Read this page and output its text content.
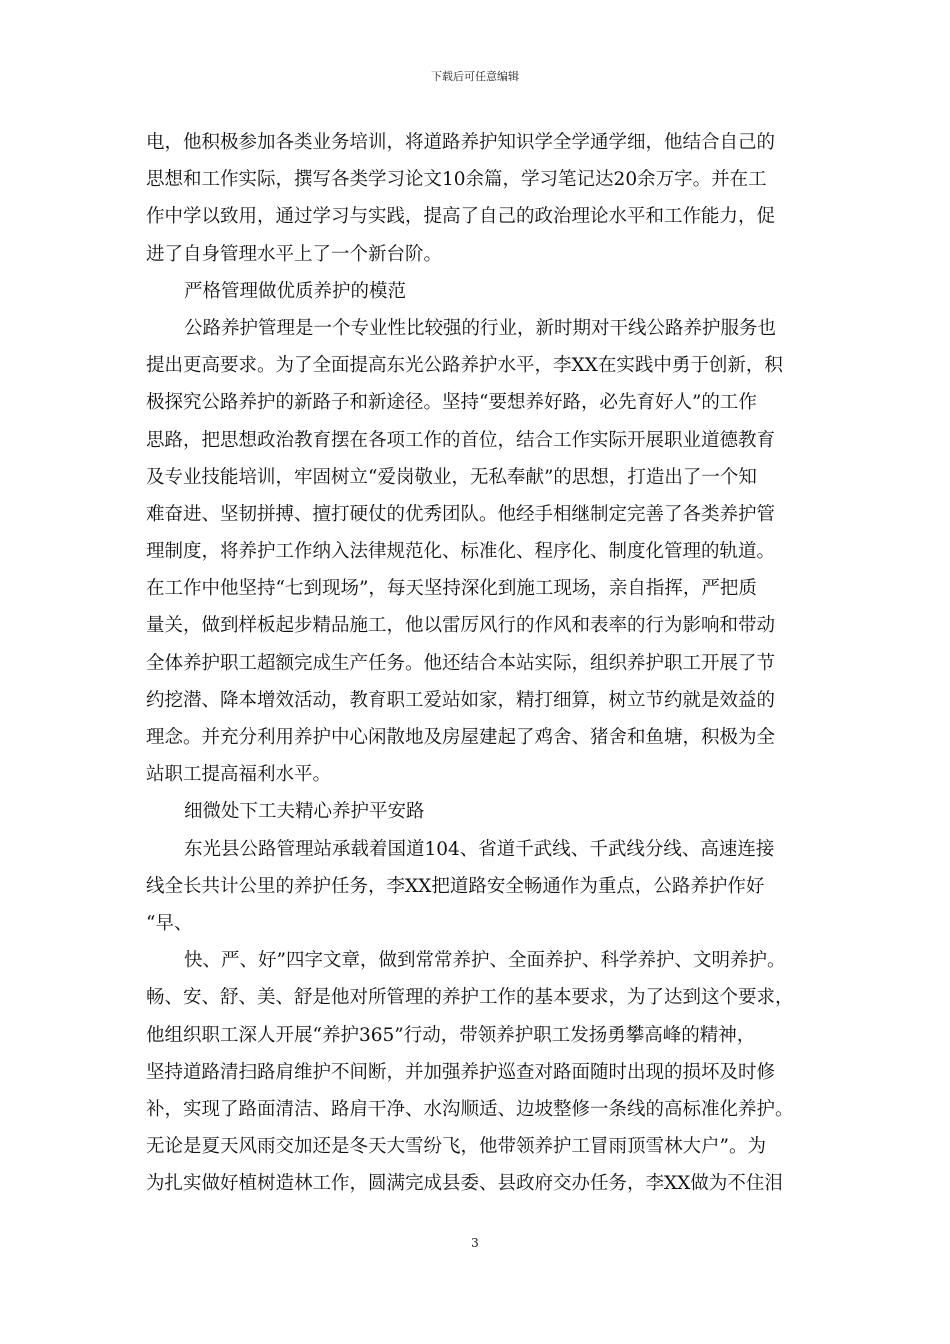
下载后可任意编辑
电，他积极参加各类业务培训，将道路养护知识学全学通学细，他结合自己的
思想和工作实际，撰写各类学习论文10余篇，学习笔记达20余万字。并在工
作中学以致用，通过学习与实践，提高了自己的政治理论水平和工作能力，促
进了自身管理水平上了一个新台阶。
严格管理做优质养护的模范
公路养护管理是一个专业性比较强的行业，新时期对干线公路养护服务也
提出更高要求。为了全面提高东光公路养护水平，李XX在实践中勇于创新，积
极探究公路养护的新路子和新途径。坚持“要想养好路，必先育好人”的工作
思路，把思想政治教育摆在各项工作的首位，结合工作实际开展职业道德教育
及专业技能培训，牢固树立“爱岗敬业，无私奉献”的思想，打造出了一个知
难奋进、坚韧拼搏、擅打硬仗的优秀团队。他经手相继制定完善了各类养护管
理制度，将养护工作纳入法律规范化、标准化、程序化、制度化管理的轨道。
在工作中他坚持“七到现场”，每天坚持深化到施工现场，亲自指挥，严把质
量关，做到样板起步精品施工，他以雷厉风行的作风和表率的行为影响和带动
全体养护职工超额完成生产任务。他还结合本站实际，组织养护职工开展了节
约挖潜、降本增效活动，教育职工爱站如家，精打细算，树立节约就是效益的
理念。并充分利用养护中心闲散地及房屋建起了鸡舍、猪舍和鱼塘，积极为全
站职工提高福利水平。
细微处下工夫精心养护平安路
东光县公路管理站承载着国道104、省道千武线、千武线分线、高速连接
线全长共计公里的养护任务，李XX把道路安全畅通作为重点，公路养护作好
“早、
快、严、好”四字文章，做到常常养护、全面养护、科学养护、文明养护。
畅、安、舒、美、舒是他对所管理的养护工作的基本要求，为了达到这个要求，
他组织职工深人开展“养护365”行动，带领养护职工发扬勇攀高峰的精神，
坚持道路清扫路肩维护不间断，并加强养护巡查对路面随时出现的损坏及时修
补，实现了路面清洁、路肩干净、水沟顺适、边坡整修一条线的高标准化养护。
无论是夏天风雨交加还是冬天大雪纷飞，他带领养护工冒雨顶雪林大户”。为
为扎实做好植树造林工作，圆满完成县委、县政府交办任务，李XX做为不住泪
3
